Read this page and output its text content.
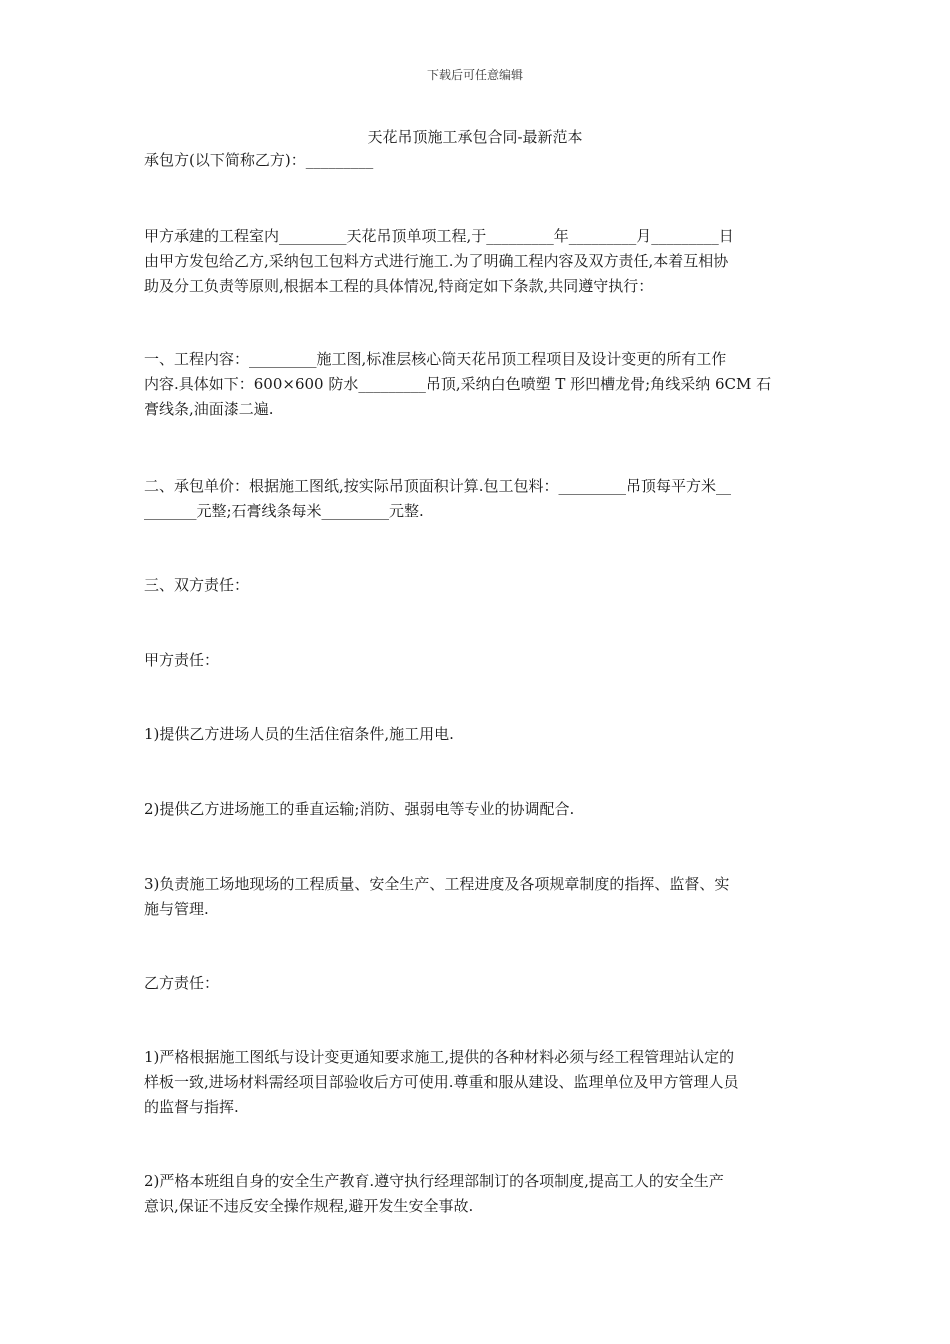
下载后可任意编辑
天花吊顶施工承包合同-最新范本
承包方(以下简称乙方)：_________
甲方承建的工程室内_________天花吊顶单项工程,于_________年_________月_________日
由甲方发包给乙方,采纳包工包料方式进行施工.为了明确工程内容及双方责任,本着互相协
助及分工负责等原则,根据本工程的具体情况,特商定如下条款,共同遵守执行：
一、工程内容：_________施工图,标准层核心筒天花吊顶工程项目及设计变更的所有工作
内容.具体如下：600×600 防水_________吊顶,采纳白色喷塑 T 形凹槽龙骨;角线采纳 6CM 石
膏线条,油面漆二遍.
二、承包单价：根据施工图纸,按实际吊顶面积计算.包工包料：_________吊顶每平方米__
_______元整;石膏线条每米_________元整.
三、双方责任：
甲方责任：
1)提供乙方进场人员的生活住宿条件,施工用电.
2)提供乙方进场施工的垂直运输;消防、强弱电等专业的协调配合.
3)负责施工场地现场的工程质量、安全生产、工程进度及各项规章制度的指挥、监督、实
施与管理.
乙方责任：
1)严格根据施工图纸与设计变更通知要求施工,提供的各种材料必须与经工程管理站认定的
样板一致,进场材料需经项目部验收后方可使用.尊重和服从建设、监理单位及甲方管理人员
的监督与指挥.
2)严格本班组自身的安全生产教育.遵守执行经理部制订的各项制度,提高工人的安全生产
意识,保证不违反安全操作规程,避开发生安全事故.
